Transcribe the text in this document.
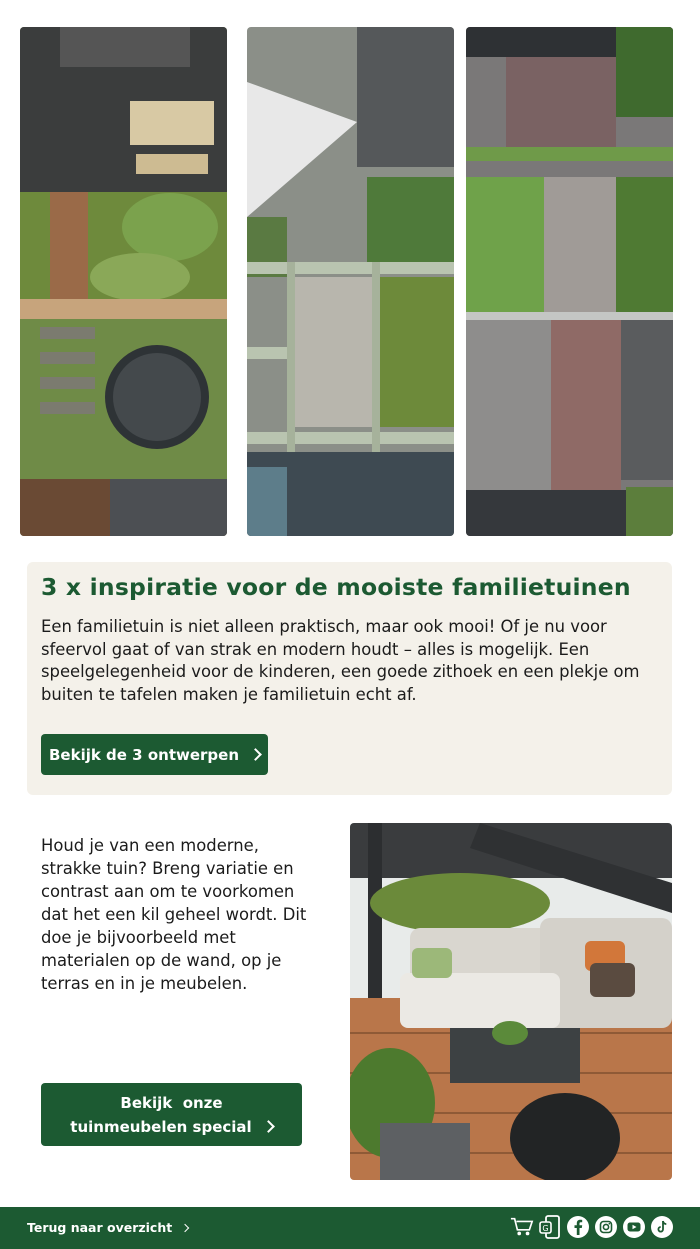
3 x inspiratie voor de mooiste familietuinen

Een familietuin is niet alleen praktisch, maar ook mooi! Of je nu voor sfeervol gaat of van strak en modern houdt – alles is mogelijk. Een speelgelegenheid voor de kinderen, een goede zithoek en een plekje om buiten te tafelen maken je familietuin echt af.

Bekijk de 3 ontwerpen

Houd je van een moderne, strakke tuin? Breng variatie en contrast aan om te voorkomen dat het een kil geheel wordt. Dit doe je bijvoorbeeld met materialen op de wand, op je terras en in je meubelen.

Bekijk  onze
tuinmeubelen special
Terug naar overzicht	G
